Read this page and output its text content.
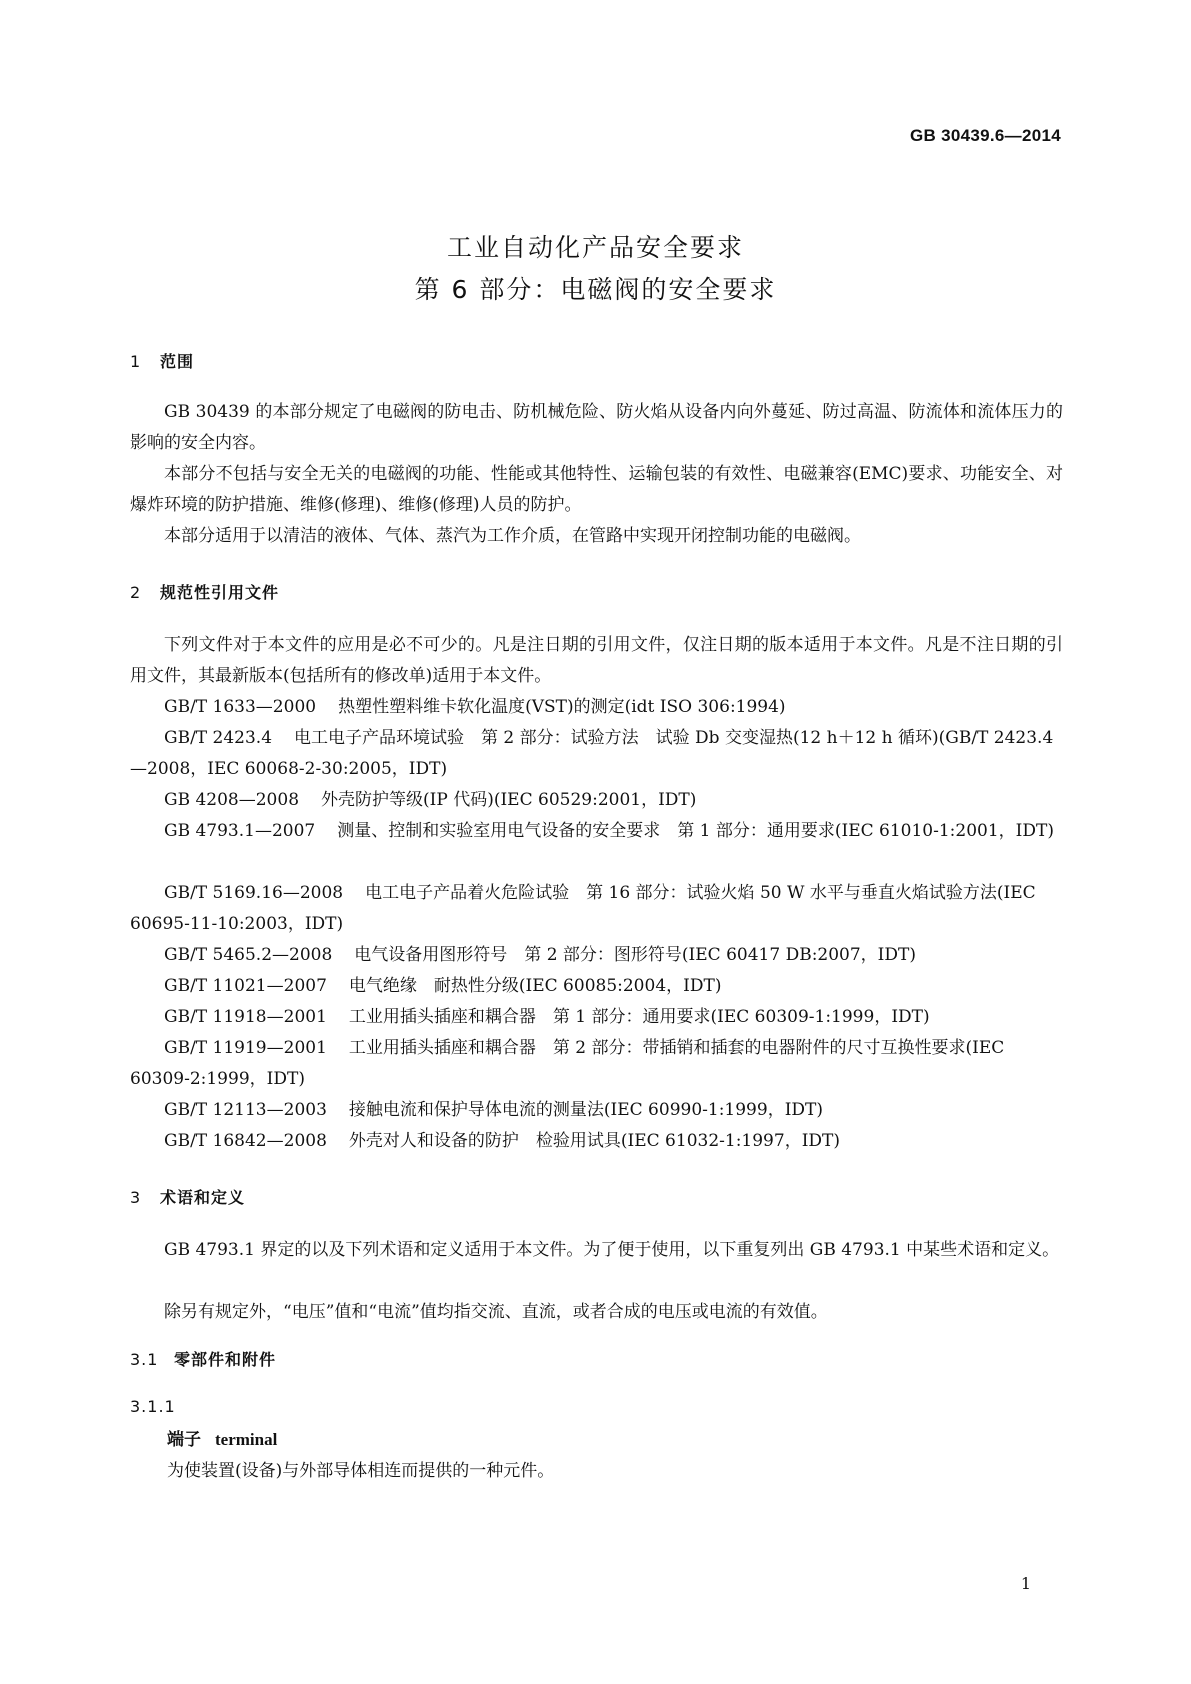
GB 30439.6—2014
工业自动化产品安全要求
第 6 部分：电磁阀的安全要求
1 范围
GB 30439 的本部分规定了电磁阀的防电击、防机械危险、防火焰从设备内向外蔓延、防过高温、防流体和流体压力的影响的安全内容。
本部分不包括与安全无关的电磁阀的功能、性能或其他特性、运输包装的有效性、电磁兼容(EMC)要求、功能安全、对爆炸环境的防护措施、维修(修理)、维修(修理)人员的防护。
本部分适用于以清洁的液体、气体、蒸汽为工作介质，在管路中实现开闭控制功能的电磁阀。
2 规范性引用文件
下列文件对于本文件的应用是必不可少的。凡是注日期的引用文件，仅注日期的版本适用于本文件。凡是不注日期的引用文件，其最新版本(包括所有的修改单)适用于本文件。
GB/T 1633—2000 热塑性塑料维卡软化温度(VST)的测定(idt ISO 306:1994)
GB/T 2423.4 电工电子产品环境试验　第 2 部分：试验方法　试验 Db 交变湿热(12 h＋12 h 循环)(GB/T 2423.4—2008，IEC 60068-2-30:2005，IDT)
GB 4208—2008 外壳防护等级(IP 代码)(IEC 60529:2001，IDT)
GB 4793.1—2007 测量、控制和实验室用电气设备的安全要求　第 1 部分：通用要求(IEC 61010-1:2001，IDT)
GB/T 5169.16—2008 电工电子产品着火危险试验　第 16 部分：试验火焰 50 W 水平与垂直火焰试验方法(IEC 60695-11-10:2003，IDT)
GB/T 5465.2—2008 电气设备用图形符号　第 2 部分：图形符号(IEC 60417 DB:2007，IDT)
GB/T 11021—2007 电气绝缘　耐热性分级(IEC 60085:2004，IDT)
GB/T 11918—2001 工业用插头插座和耦合器　第 1 部分：通用要求(IEC 60309-1:1999，IDT)
GB/T 11919—2001 工业用插头插座和耦合器　第 2 部分：带插销和插套的电器附件的尺寸互换性要求(IEC 60309-2:1999，IDT)
GB/T 12113—2003 接触电流和保护导体电流的测量法(IEC 60990-1:1999，IDT)
GB/T 16842—2008 外壳对人和设备的防护　检验用试具(IEC 61032-1:1997，IDT)
3 术语和定义
GB 4793.1 界定的以及下列术语和定义适用于本文件。为了便于使用，以下重复列出 GB 4793.1 中某些术语和定义。
除另有规定外，“电压”值和“电流”值均指交流、直流，或者合成的电压或电流的有效值。
3.1 零部件和附件
3.1.1
端子 terminal
为使装置(设备)与外部导体相连而提供的一种元件。
1
